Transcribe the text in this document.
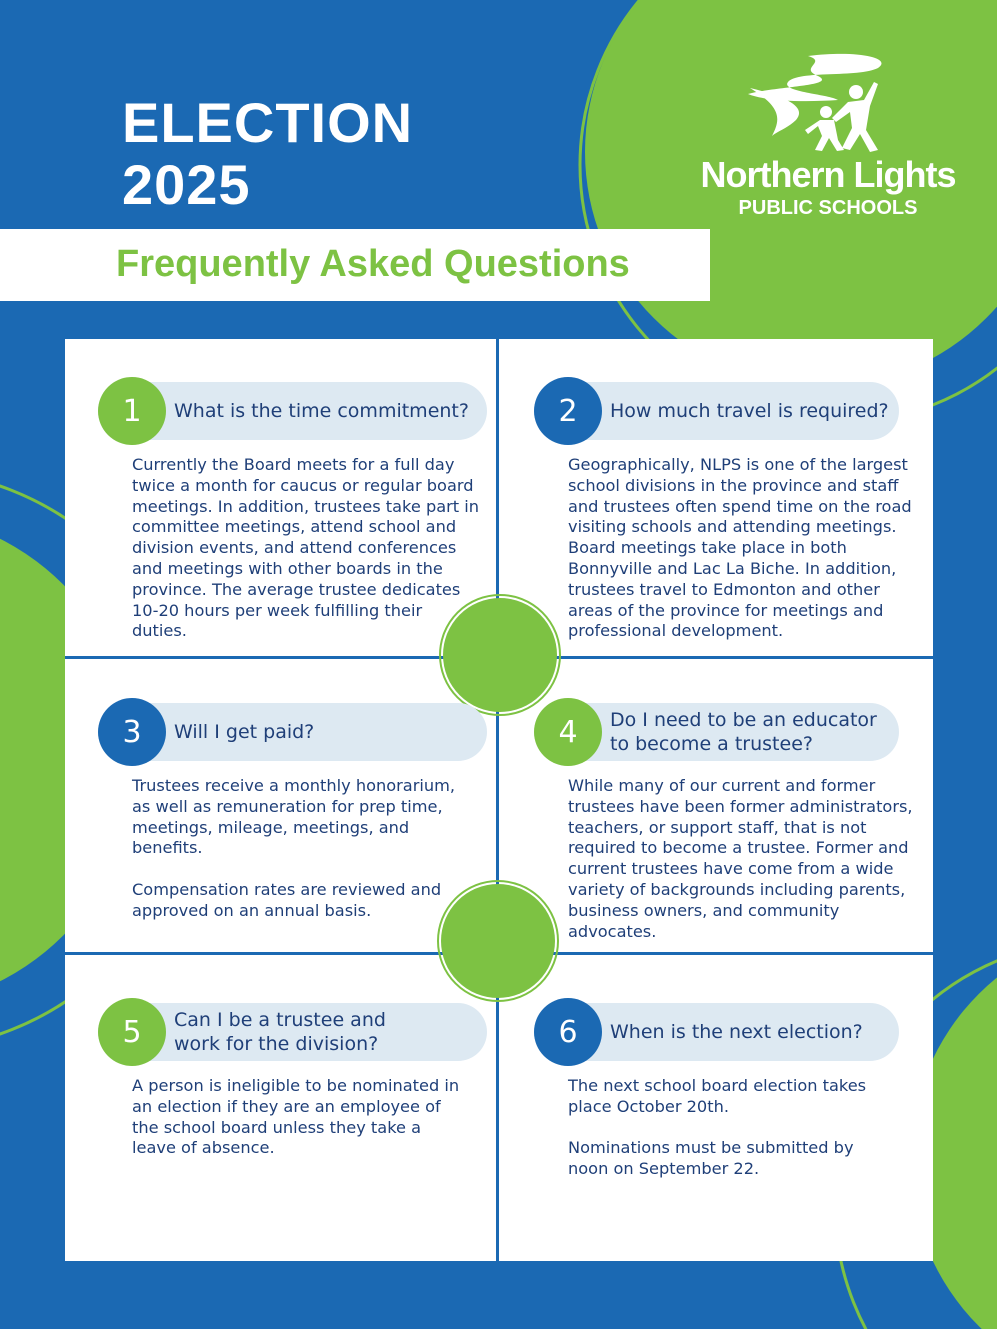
ELECTION
2025
Frequently Asked Questions
Northern Lights
PUBLIC SCHOOLS
What is the time commitment?
1

Currently the Board meets for a full day twice a month for caucus or regular board meetings. In addition, trustees take part in committee meetings, attend school and division events, and attend conferences and meetings with other boards in the province. The average trustee dedicates 10-20 hours per week fulfilling their duties.

How much travel is required?
2

Geographically, NLPS is one of the largest school divisions in the province and staff and trustees often spend time on the road visiting schools and attending meetings. Board meetings take place in both Bonnyville and Lac La Biche. In addition, trustees travel to Edmonton and other areas of the province for meetings and professional development.

Will I get paid?
3

Trustees receive a monthly honorarium, as well as remuneration for prep time, meetings, mileage, meetings, and benefits.

Compensation rates are reviewed and approved on an annual basis.

Do I need to be an educator to become a trustee?
4

While many of our current and former trustees have been former administrators, teachers, or support staff, that is not required to become a trustee. Former and current trustees have come from a wide variety of backgrounds including parents, business owners, and community advocates.

Can I be a trustee and work for the division?
5

A person is ineligible to be nominated in an election if they are an employee of the school board unless they take a leave of absence.

When is the next election?
6

The next school board election takes place October 20th.

Nominations must be submitted by noon on September 22.
